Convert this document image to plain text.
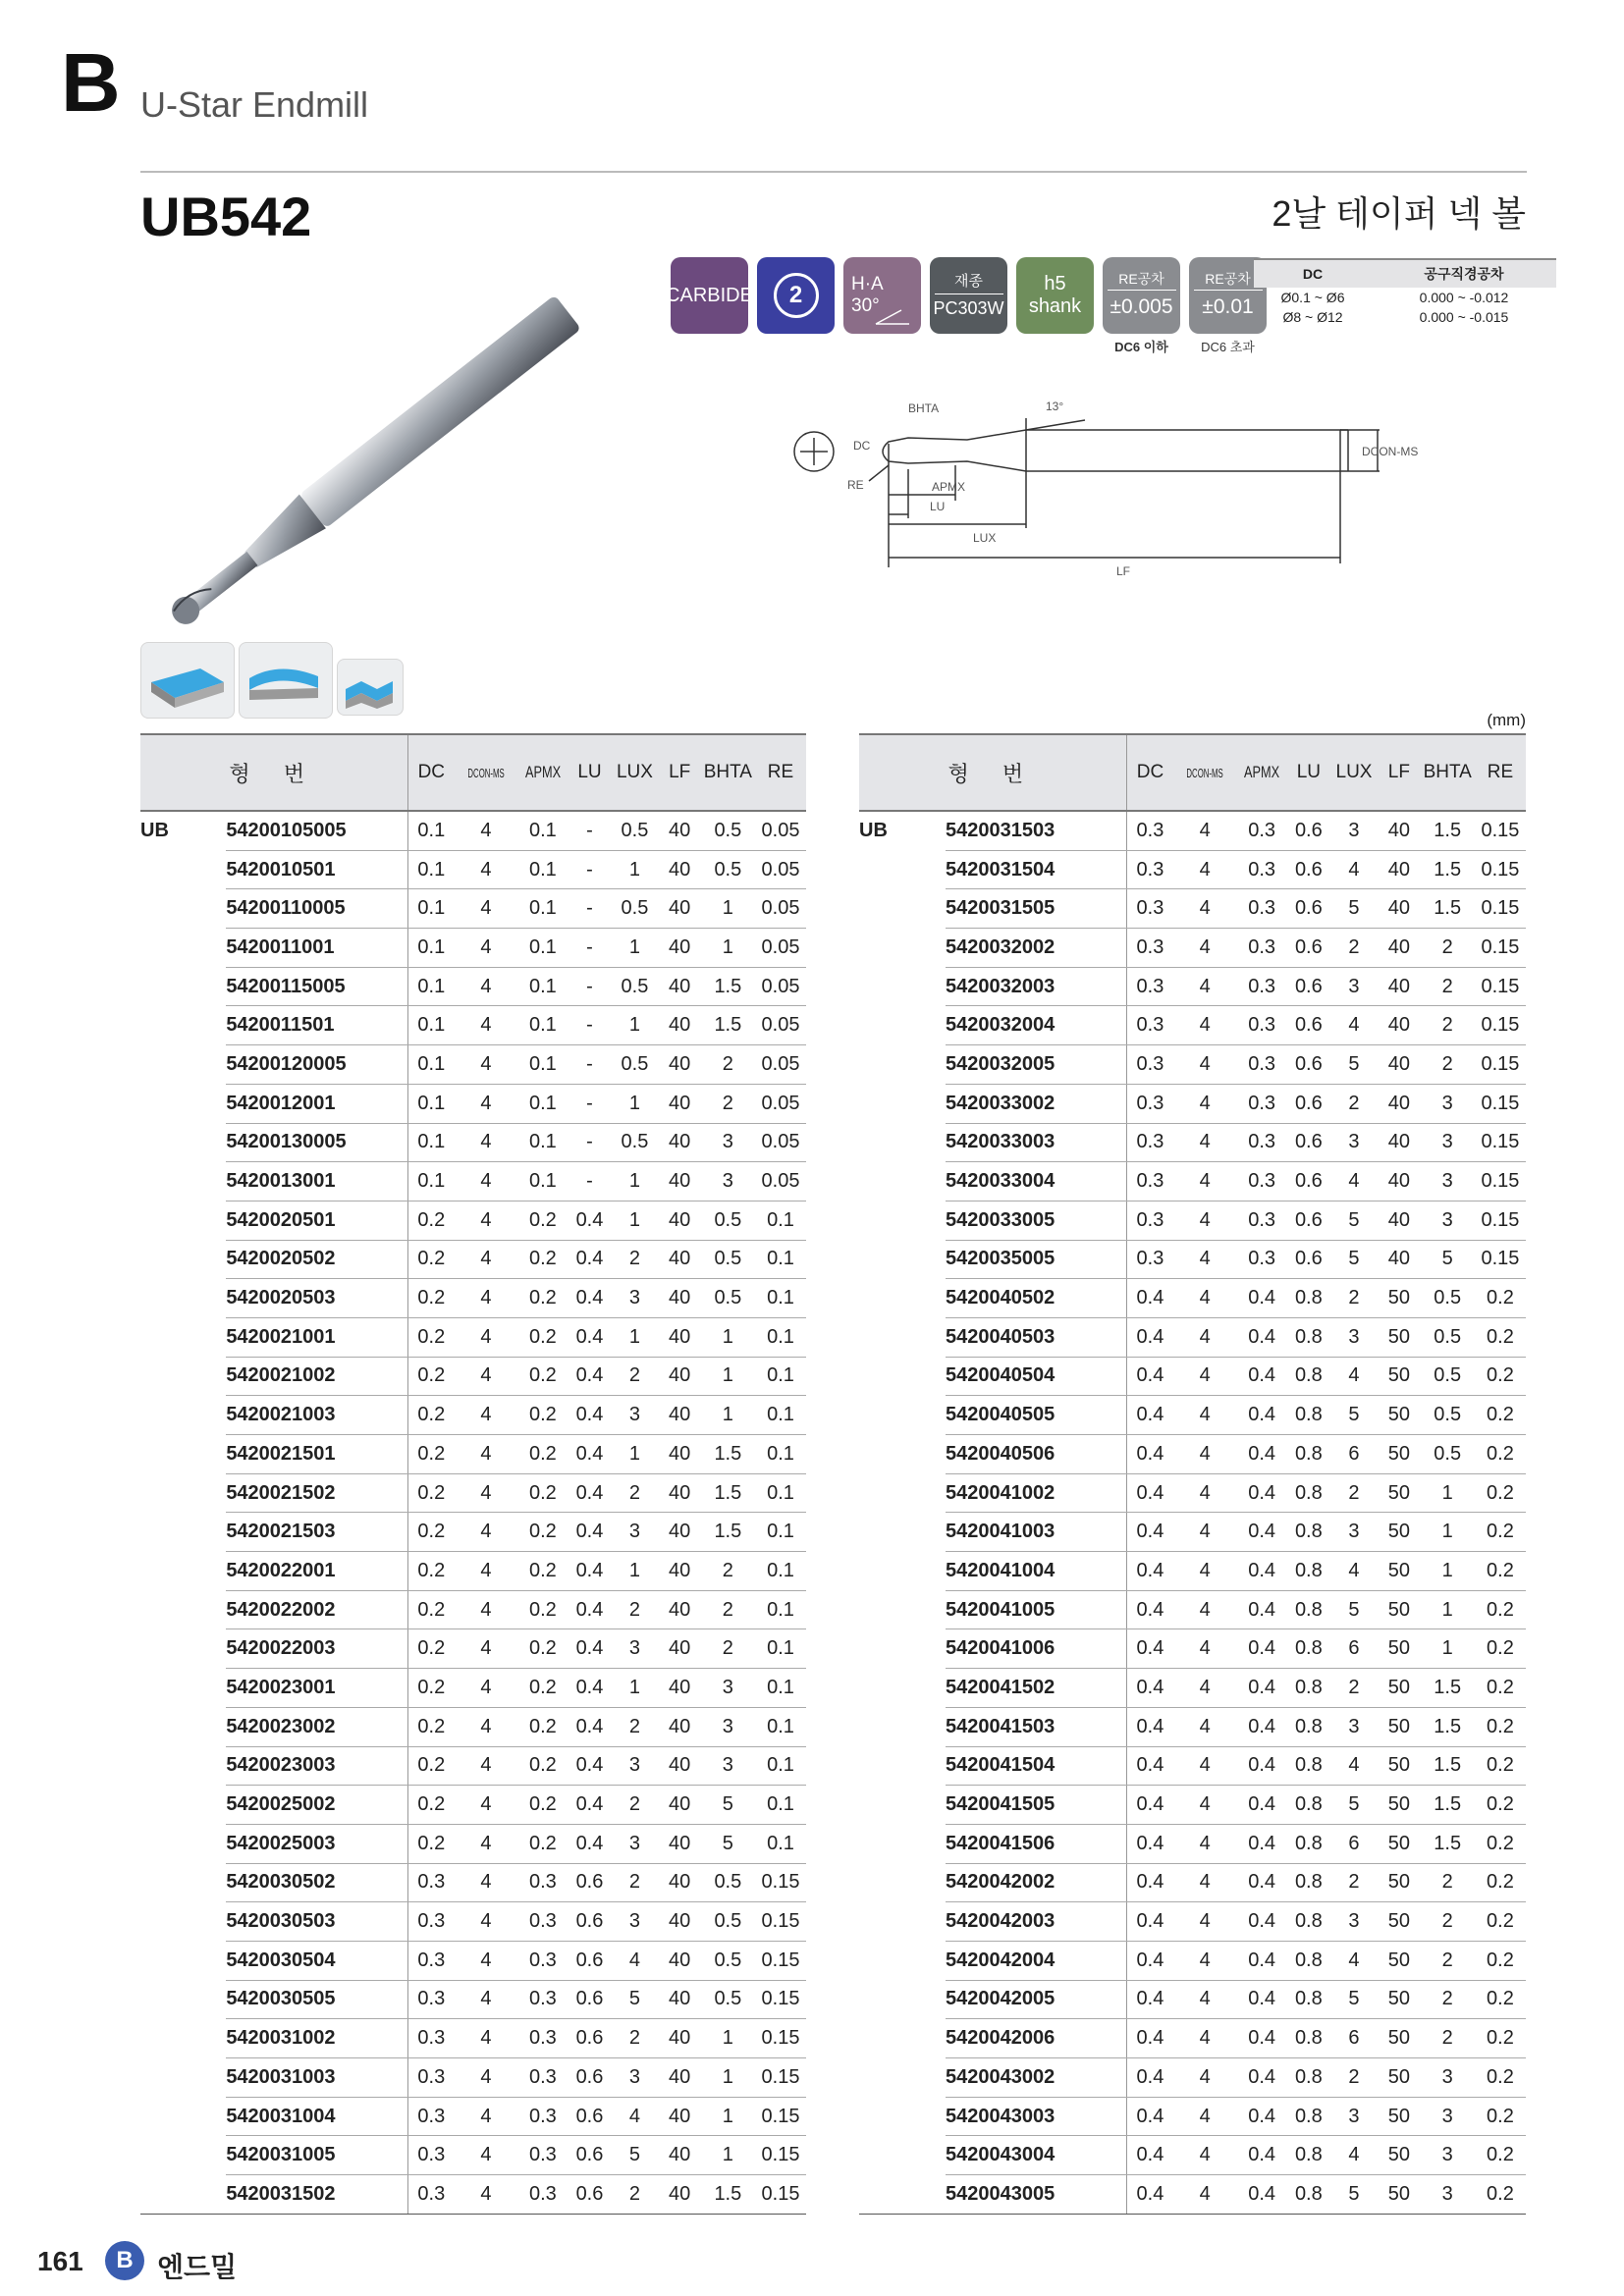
B U-Star Endmill
UB542	2날 테이퍼 넥 볼
CARBIDE	2	H·A
30°
재종
PC303W
h5
shank
RE공차
±0.005
DC6 이하
RE공차
±0.01
DC6 초과
DC	공구직경공차
Ø0.1 ~ Ø6	0.000 ~ -0.012
Ø8 ~ Ø12	0.000 ~ -0.015
BHTA	13°
DC
RE	APMX
LU
LUX
LF
DCON-MS
(mm)
형 번		DC	DCON-MS	APMX	LU	LUX	LF	BHTA	RE
UB	54200105005	0.1	4	0.1	-	0.5	40	0.5	0.05
	5420010501	0.1	4	0.1	-	1	40	0.5	0.05
	54200110005	0.1	4	0.1	-	0.5	40	1	0.05
	5420011001	0.1	4	0.1	-	1	40	1	0.05
	54200115005	0.1	4	0.1	-	0.5	40	1.5	0.05
	5420011501	0.1	4	0.1	-	1	40	1.5	0.05
	54200120005	0.1	4	0.1	-	0.5	40	2	0.05
	5420012001	0.1	4	0.1	-	1	40	2	0.05
	54200130005	0.1	4	0.1	-	0.5	40	3	0.05
	5420013001	0.1	4	0.1	-	1	40	3	0.05
	5420020501	0.2	4	0.2	0.4	1	40	0.5	0.1
	5420020502	0.2	4	0.2	0.4	2	40	0.5	0.1
	5420020503	0.2	4	0.2	0.4	3	40	0.5	0.1
	5420021001	0.2	4	0.2	0.4	1	40	1	0.1
	5420021002	0.2	4	0.2	0.4	2	40	1	0.1
	5420021003	0.2	4	0.2	0.4	3	40	1	0.1
	5420021501	0.2	4	0.2	0.4	1	40	1.5	0.1
	5420021502	0.2	4	0.2	0.4	2	40	1.5	0.1
	5420021503	0.2	4	0.2	0.4	3	40	1.5	0.1
	5420022001	0.2	4	0.2	0.4	1	40	2	0.1
	5420022002	0.2	4	0.2	0.4	2	40	2	0.1
	5420022003	0.2	4	0.2	0.4	3	40	2	0.1
	5420023001	0.2	4	0.2	0.4	1	40	3	0.1
	5420023002	0.2	4	0.2	0.4	2	40	3	0.1
	5420023003	0.2	4	0.2	0.4	3	40	3	0.1
	5420025002	0.2	4	0.2	0.4	2	40	5	0.1
	5420025003	0.2	4	0.2	0.4	3	40	5	0.1
	5420030502	0.3	4	0.3	0.6	2	40	0.5	0.15
	5420030503	0.3	4	0.3	0.6	3	40	0.5	0.15
	5420030504	0.3	4	0.3	0.6	4	40	0.5	0.15
	5420030505	0.3	4	0.3	0.6	5	40	0.5	0.15
	5420031002	0.3	4	0.3	0.6	2	40	1	0.15
	5420031003	0.3	4	0.3	0.6	3	40	1	0.15
	5420031004	0.3	4	0.3	0.6	4	40	1	0.15
	5420031005	0.3	4	0.3	0.6	5	40	1	0.15
	5420031502	0.3	4	0.3	0.6	2	40	1.5	0.15
형 번		DC	DCON-MS	APMX	LU	LUX	LF	BHTA	RE
UB	5420031503	0.3	4	0.3	0.6	3	40	1.5	0.15
	5420031504	0.3	4	0.3	0.6	4	40	1.5	0.15
	5420031505	0.3	4	0.3	0.6	5	40	1.5	0.15
	5420032002	0.3	4	0.3	0.6	2	40	2	0.15
	5420032003	0.3	4	0.3	0.6	3	40	2	0.15
	5420032004	0.3	4	0.3	0.6	4	40	2	0.15
	5420032005	0.3	4	0.3	0.6	5	40	2	0.15
	5420033002	0.3	4	0.3	0.6	2	40	3	0.15
	5420033003	0.3	4	0.3	0.6	3	40	3	0.15
	5420033004	0.3	4	0.3	0.6	4	40	3	0.15
	5420033005	0.3	4	0.3	0.6	5	40	3	0.15
	5420035005	0.3	4	0.3	0.6	5	40	5	0.15
	5420040502	0.4	4	0.4	0.8	2	50	0.5	0.2
	5420040503	0.4	4	0.4	0.8	3	50	0.5	0.2
	5420040504	0.4	4	0.4	0.8	4	50	0.5	0.2
	5420040505	0.4	4	0.4	0.8	5	50	0.5	0.2
	5420040506	0.4	4	0.4	0.8	6	50	0.5	0.2
	5420041002	0.4	4	0.4	0.8	2	50	1	0.2
	5420041003	0.4	4	0.4	0.8	3	50	1	0.2
	5420041004	0.4	4	0.4	0.8	4	50	1	0.2
	5420041005	0.4	4	0.4	0.8	5	50	1	0.2
	5420041006	0.4	4	0.4	0.8	6	50	1	0.2
	5420041502	0.4	4	0.4	0.8	2	50	1.5	0.2
	5420041503	0.4	4	0.4	0.8	3	50	1.5	0.2
	5420041504	0.4	4	0.4	0.8	4	50	1.5	0.2
	5420041505	0.4	4	0.4	0.8	5	50	1.5	0.2
	5420041506	0.4	4	0.4	0.8	6	50	1.5	0.2
	5420042002	0.4	4	0.4	0.8	2	50	2	0.2
	5420042003	0.4	4	0.4	0.8	3	50	2	0.2
	5420042004	0.4	4	0.4	0.8	4	50	2	0.2
	5420042005	0.4	4	0.4	0.8	5	50	2	0.2
	5420042006	0.4	4	0.4	0.8	6	50	2	0.2
	5420043002	0.4	4	0.4	0.8	2	50	3	0.2
	5420043003	0.4	4	0.4	0.8	3	50	3	0.2
	5420043004	0.4	4	0.4	0.8	4	50	3	0.2
	5420043005	0.4	4	0.4	0.8	5	50	3	0.2
161	B 엔드밀
